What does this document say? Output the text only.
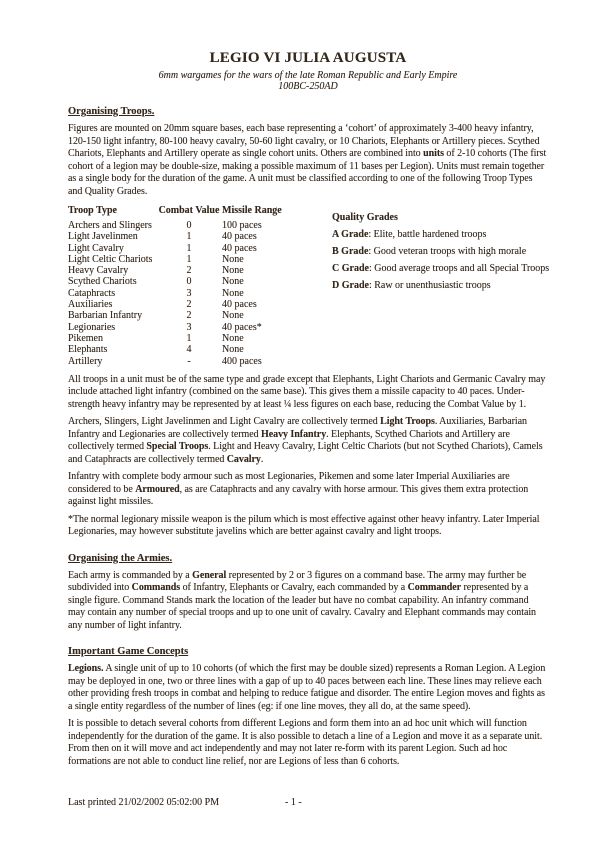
LEGIO VI JULIA AUGUSTA
6mm wargames for the wars of the late Roman Republic and Early Empire
100BC-250AD
Organising Troops.

Figures are mounted on 20mm square bases, each base representing a ‘cohort’ of approximately 3-400 heavy infantry, 120-150 light infantry, 80-100 heavy cavalry, 50-60 light cavalry, or 10 Chariots, Elephants or Artillery pieces. Scythed Chariots, Elephants and Artillery operate as single cohort units. Others are combined into units of 2-10 cohorts (The first cohort of a legion may be double-size, making a possible maximum of 11 bases per Legion). Units must remain together as a single body for the duration of the game. A unit must be classified according to one of the following Troop Types and Quality Grades.

Troop Type	Combat Value Missile Range
Archers and Slingers	0	100 paces
Light Javelinmen	1	40 paces
Light Cavalry	1	40 paces
Light Celtic Chariots	1	None
Heavy Cavalry	2	None
Scythed Chariots	0	None
Cataphracts	3	None
Auxiliaries	2	40 paces
Barbarian Infantry	2	None
Legionaries	3	40 paces*
Pikemen	1	None
Elephants	4	None
Artillery	-	400 paces
Quality Grades
A Grade: Elite, battle hardened troops
B Grade: Good veteran troops with high morale
C Grade: Good average troops and all Special Troops
D Grade: Raw or unenthusiastic troops

All troops in a unit must be of the same type and grade except that Elephants, Light Chariots and Germanic Cavalry may include attached light infantry (combined on the same base). This gives them a missile capacity to 40 paces. Under-strength heavy infantry may be represented by at least ¼ less figures on each base, reducing the Combat Value by 1.

Archers, Slingers, Light Javelinmen and Light Cavalry are collectively termed Light Troops. Auxiliaries, Barbarian Infantry and Legionaries are collectively termed Heavy Infantry. Elephants, Scythed Chariots and Artillery are collectively termed Special Troops. Light and Heavy Cavalry, Light Celtic Chariots (but not Scythed Chariots), Camels and Cataphracts are collectively termed Cavalry.

Infantry with complete body armour such as most Legionaries, Pikemen and some later Imperial Auxiliaries are considered to be Armoured, as are Cataphracts and any cavalry with horse armour. This gives them extra protection against light missiles.

*The normal legionary missile weapon is the pilum which is most effective against other heavy infantry. Later Imperial Legionaries, may however substitute javelins which are better against cavalry and light troops.

Organising the Armies.

Each army is commanded by a General represented by 2 or 3 figures on a command base. The army may further be subdivided into Commands of Infantry, Elephants or Cavalry, each commanded by a Commander represented by a single figure. Command Stands mark the location of the leader but have no combat capability. An infantry command may contain any number of special troops and up to one unit of cavalry. Cavalry and Elephant commands may contain any number of light infantry.

Important Game Concepts

Legions. A single unit of up to 10 cohorts (of which the first may be double sized) represents a Roman Legion. A Legion may be deployed in one, two or three lines with a gap of up to 40 paces between each line. These lines may relieve each other providing fresh troops in combat and helping to reduce fatigue and disorder. The entire Legion moves and fights as a single entity regardless of the number of lines (eg: if one line moves, they all do, at the same speed).

It is possible to detach several cohorts from different Legions and form them into an ad hoc unit which will function independently for the duration of the game. It is also possible to detach a line of a Legion and move it as a separate unit. From then on it will move and act independently and may not later re-form with its parent Legion. Such ad hoc formations are not able to conduct line relief, nor are Legions of less than 6 cohorts.

Last printed 21/02/2002 05:02:00 PM	- 1 -
